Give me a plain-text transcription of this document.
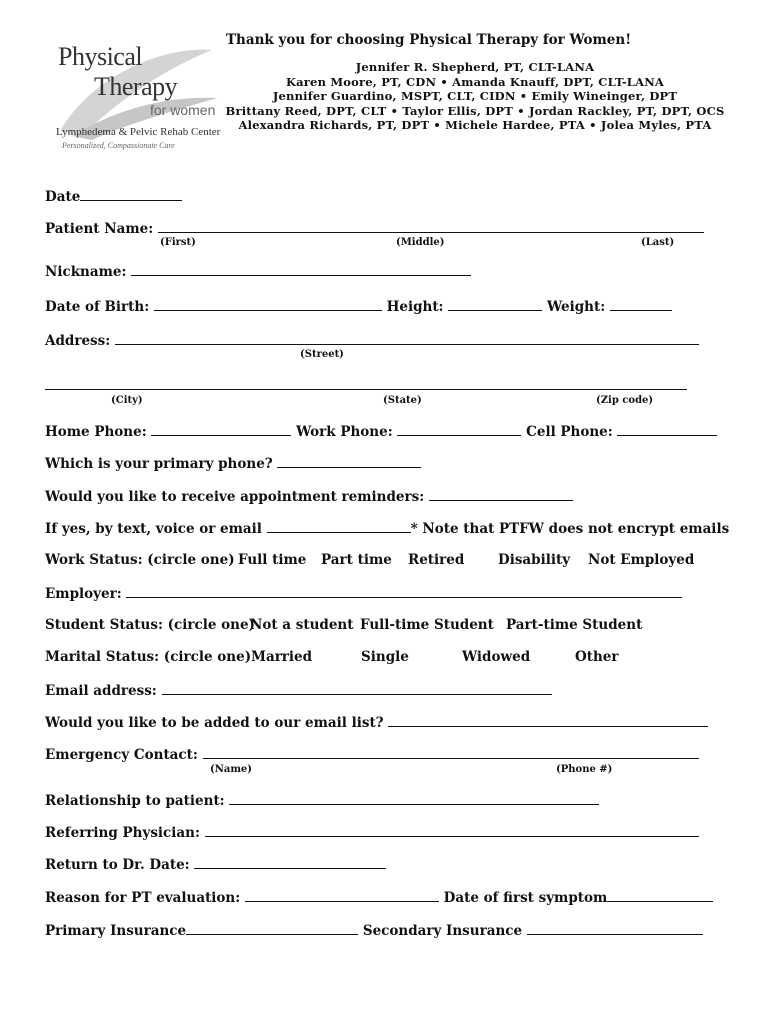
Physical
Therapy
for women
Lymphedema & Pelvic Rehab Center
Personalized, Compassionate Care
Thank you for choosing Physical Therapy for Women!
Jennifer R. Shepherd, PT, CLT-LANA
Karen Moore, PT, CDN • Amanda Knauff, DPT, CLT-LANA
Jennifer Guardino, MSPT, CLT, CIDN • Emily Wineinger, DPT
Brittany Reed, DPT, CLT • Taylor Ellis, DPT • Jordan Rackley, PT, DPT, OCS
Alexandra Richards, PT, DPT • Michele Hardee, PTA • Jolea Myles, PTA
Date
Patient Name:
(First)	(Middle)	(Last)
Nickname:
Date of Birth:	Height:	Weight:
Address:
(Street)
(City)	(State)	(Zip code)
Home Phone:	Work Phone:	Cell Phone:
Which is your primary phone?
Would you like to receive appointment reminders:
If yes, by text, voice or email	* Note that PTFW does not encrypt emails
Work Status: (circle one) Full time Part time Retired Disability Not Employed
Employer:
Student Status: (circle one)
Not a student Full-time Student Part-time Student
Marital Status: (circle one) Married	Single	Widowed	Other
Email address:
Would you like to be added to our email list?
Emergency Contact:
(Name)	(Phone #)
Relationship to patient:
Referring Physician:
Return to Dr. Date:
Reason for PT evaluation:	Date of first symptom
Primary Insurance	Secondary Insurance
